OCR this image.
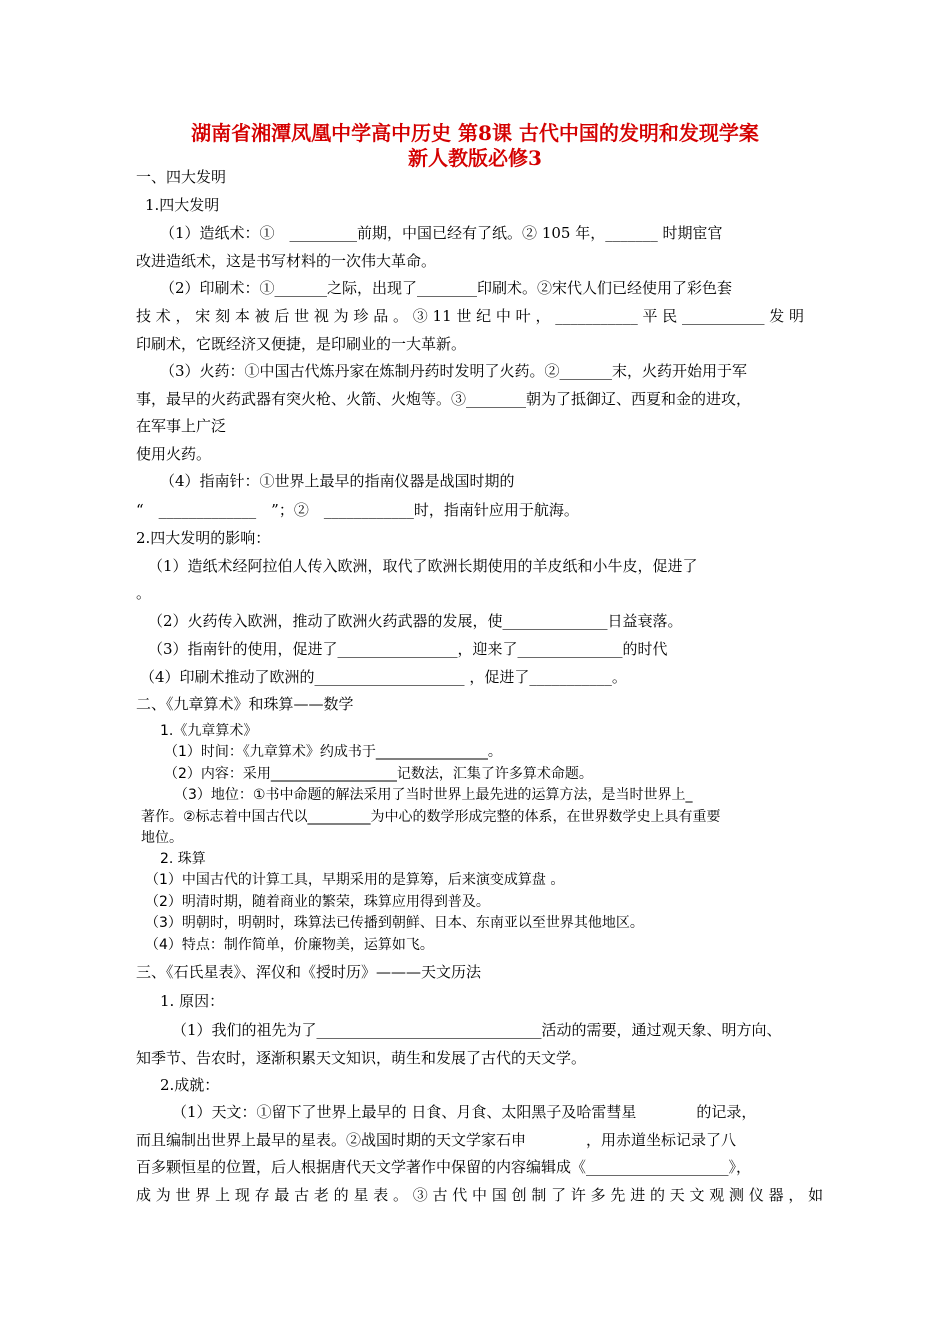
湖南省湘潭凤凰中学高中历史 第8课 古代中国的发明和发现学案
新人教版必修3
一、四大发明
1.四大发明
（1）造纸术：①　_________前期，中国已经有了纸。② 105 年，_______ 时期宦官
改进造纸术，这是书写材料的一次伟大革命。
（2）印刷术：①_______之际，出现了________印刷术。②宋代人们已经使用了彩色套
技 术 ， 宋 刻 本 被 后 世 视 为 珍 品 。 ③ 11 世 纪 中 叶 ， ___________ 平 民 ___________ 发 明
印刷术，它既经济又便捷，是印刷业的一大革新。
（3）火药：①中国古代炼丹家在炼制丹药时发明了火药。②_______末，火药开始用于军
事，最早的火药武器有突火枪、火箭、火炮等。③________朝为了抵御辽、西夏和金的进攻，
在军事上广泛
使用火药。
（4）指南针：①世界上最早的指南仪器是战国时期的
“　_____________　”；②　____________时，指南针应用于航海。
2.四大发明的影响：
（1）造纸术经阿拉伯人传入欧洲，取代了欧洲长期使用的羊皮纸和小牛皮，促进了
。
（2）火药传入欧洲，推动了欧洲火药武器的发展，使______________日益衰落。
（3）指南针的使用，促进了________________，迎来了______________的时代
（4）印刷术推动了欧洲的____________________ ，促进了___________。
二、《九章算术》和珠算——数学
1.《九章算术》
（1）时间：《九章算术》约成书于________________。
（2）内容：采用__________________记数法，汇集了许多算术命题。
（3）地位：①书中命题的解法采用了当时世界上最先进的运算方法，是当时世界上_
著作。②标志着中国古代以_________为中心的数学形成完整的体系，在世界数学史上具有重要
地位。
2. 珠算
（1）中国古代的计算工具，早期采用的是算筹，后来演变成算盘 。
（2）明清时期，随着商业的繁荣，珠算应用得到普及。
（3）明朝时，明朝时，珠算法已传播到朝鲜、日本、东南亚以至世界其他地区。
（4）特点：制作简单，价廉物美，运算如飞。
三、《石氏星表》、浑仪和《授时历》———天文历法
1. 原因：
（1）我们的祖先为了______________________________活动的需要，通过观天象、明方向、
知季节、告农时，逐渐积累天文知识，萌生和发展了古代的天文学。
2.成就：
（1）天文：①留下了世界上最早的 日食、月食、太阳黑子及哈雷彗星　　　　的记录，
而且编制出世界上最早的星表。②战国时期的天文学家石申　　　　，用赤道坐标记录了八
百多颗恒星的位置，后人根据唐代天文学著作中保留的内容编辑成《___________________》，
成 为 世 界 上 现 存 最 古 老 的 星 表 。 ③ 古 代 中 国 创 制 了 许 多 先 进 的 天 文 观 测 仪 器 ， 如
